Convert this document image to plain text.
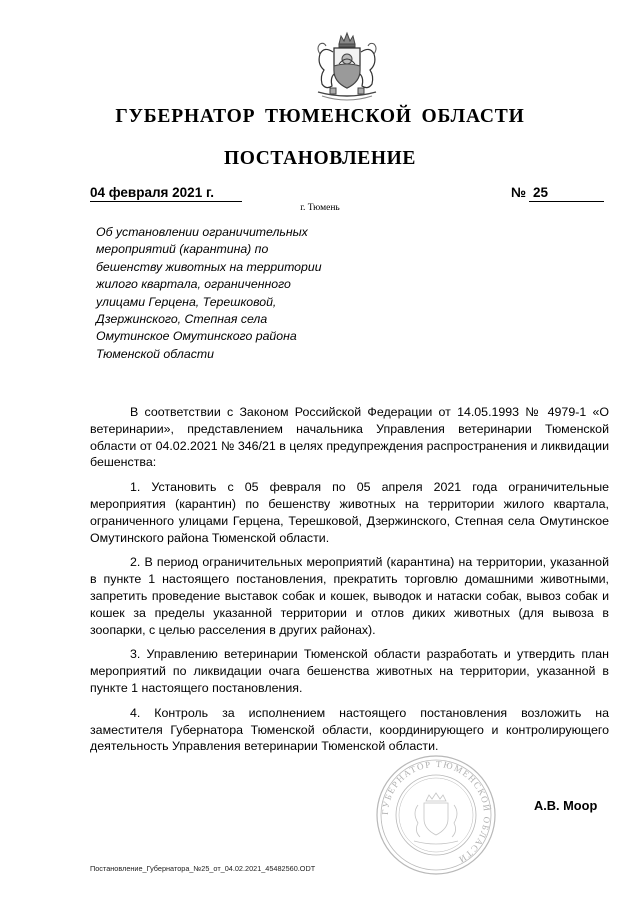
ГУБЕРНАТОР ТЮМЕНСКОЙ ОБЛАСТИ
ПОСТАНОВЛЕНИЕ
04 февраля 2021 г.	№ 25
г. Тюмень
Об установлении ограничительных
мероприятий (карантина) по
бешенству животных на территории
жилого квартала, ограниченного
улицами Герцена, Терешковой,
Дзержинского, Степная села
Омутинское Омутинского района
Тюменской области

В соответствии с Законом Российской Федерации от 14.05.1993 № 4979-1 «О ветеринарии», представлением начальника Управления ветеринарии Тюменской области от 04.02.2021 № 346/21 в целях предупреждения распространения и ликвидации бешенства:

1. Установить с 05 февраля по 05 апреля 2021 года ограничительные мероприятия (карантин) по бешенству животных на территории жилого квартала, ограниченного улицами Герцена, Терешковой, Дзержинского, Степная села Омутинское Омутинского района Тюменской области.

2. В период ограничительных мероприятий (карантина) на территории, указанной в пункте 1 настоящего постановления, прекратить торговлю домашними животными, запретить проведение выставок собак и кошек, выводок и натаски собак, вывоз собак и кошек за пределы указанной территории и отлов диких животных (для вывоза в зоопарки, с целью расселения в других районах).

3. Управлению ветеринарии Тюменской области разработать и утвердить план мероприятий по ликвидации очага бешенства животных на территории, указанной в пункте 1 настоящего постановления.

4. Контроль за исполнением настоящего постановления возложить на заместителя Губернатора Тюменской области, координирующего и контролирующего деятельность Управления ветеринарии Тюменской области.

ГУБЕРНАТОР ТЮМЕНСКОЙ ОБЛАСТИ
А.В. Моор
Постановление_Губернатора_№25_от_04.02.2021_45482560.ODT
